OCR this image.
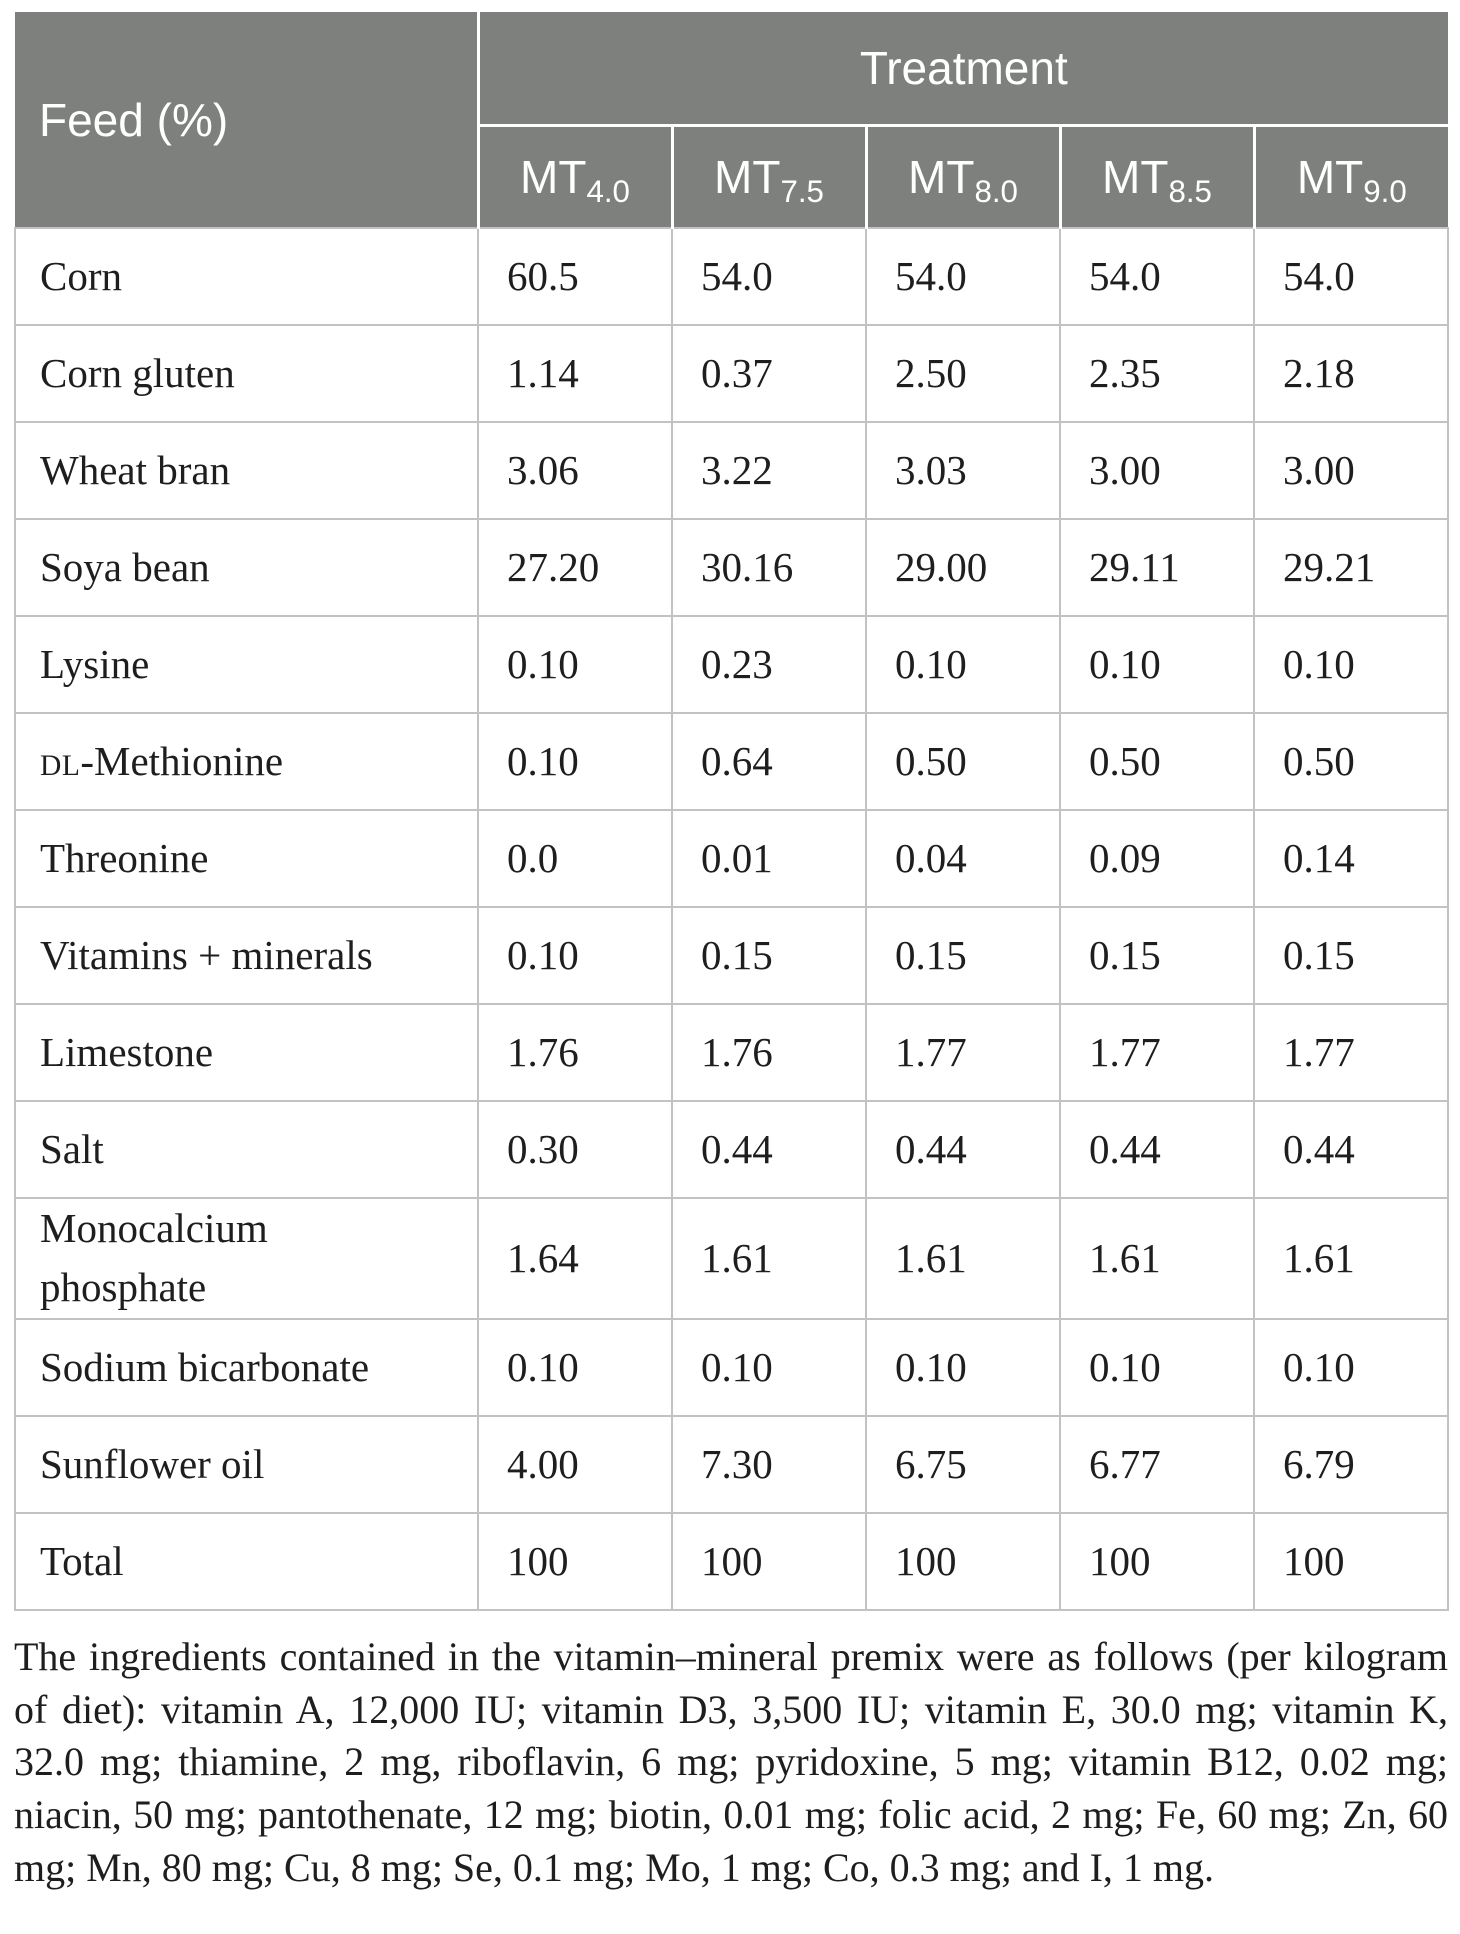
Feed (%)	Treatment				
	MT4.0	MT7.5	MT8.0	MT8.5	MT9.0
Corn	60.5	54.0	54.0	54.0	54.0
Corn gluten	1.14	0.37	2.50	2.35	2.18
Wheat bran	3.06	3.22	3.03	3.00	3.00
Soya bean	27.20	30.16	29.00	29.11	29.21
Lysine	0.10	0.23	0.10	0.10	0.10
DL-Methionine	0.10	0.64	0.50	0.50	0.50
Threonine	0.0	0.01	0.04	0.09	0.14
Vitamins + minerals	0.10	0.15	0.15	0.15	0.15
Limestone	1.76	1.76	1.77	1.77	1.77
Salt	0.30	0.44	0.44	0.44	0.44
Monocalcium phosphate	1.64	1.61	1.61	1.61	1.61
Sodium bicarbonate	0.10	0.10	0.10	0.10	0.10
Sunflower oil	4.00	7.30	6.75	6.77	6.79
Total	100	100	100	100	100

The ingredients contained in the vitamin–mineral premix were as follows (per kilogram of diet): vitamin A, 12,000 IU; vitamin D3, 3,500 IU; vitamin E, 30.0 mg; vitamin K, 32.0 mg; thiamine, 2 mg, riboflavin, 6 mg; pyridoxine, 5 mg; vitamin B12, 0.02 mg; niacin, 50 mg; pantothenate, 12 mg; biotin, 0.01 mg; folic acid, 2 mg; Fe, 60 mg; Zn, 60 mg; Mn, 80 mg; Cu, 8 mg; Se, 0.1 mg; Mo, 1 mg; Co, 0.3 mg; and I, 1 mg.
